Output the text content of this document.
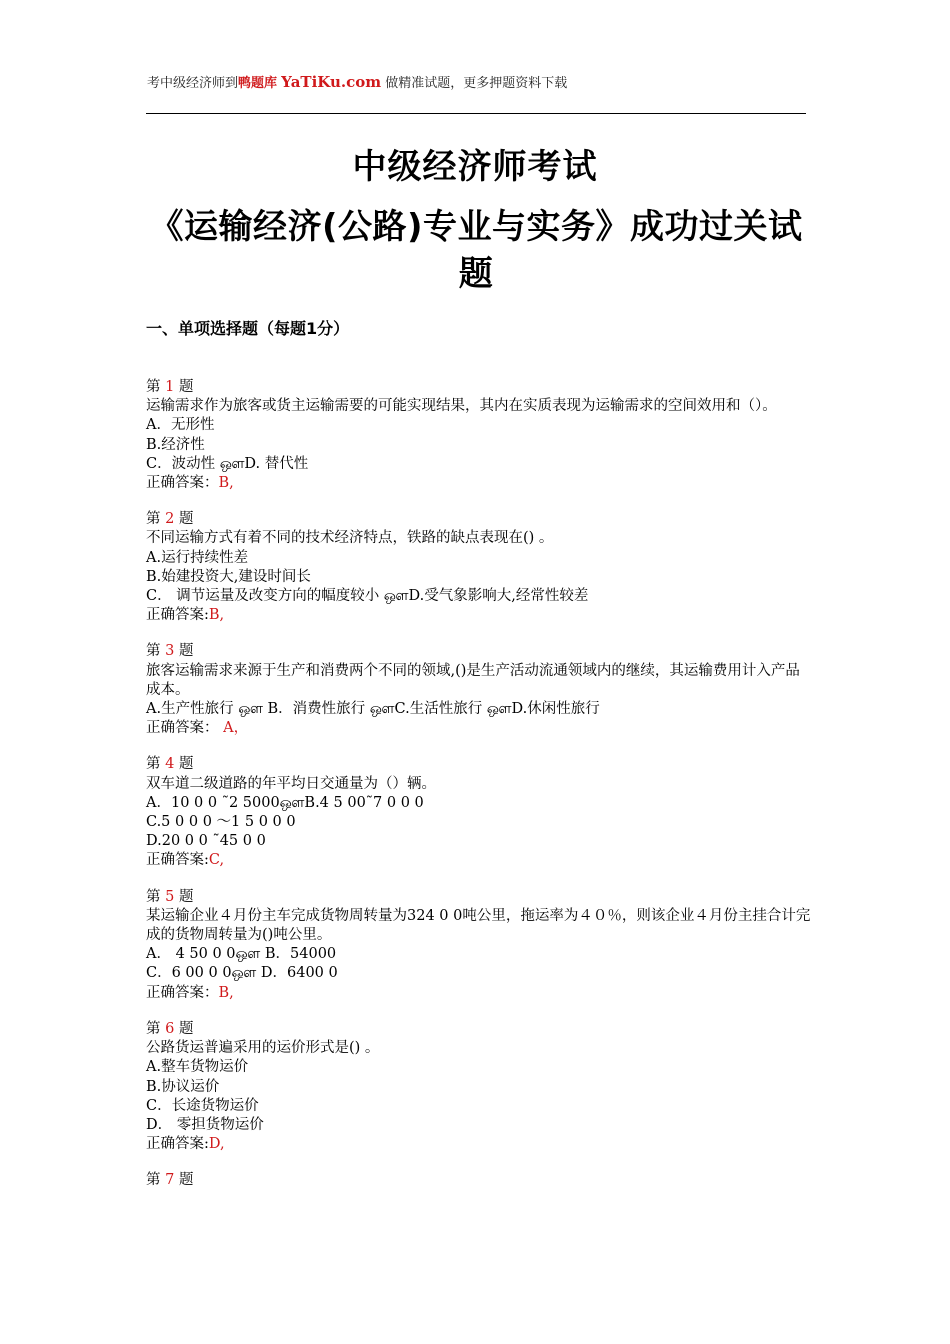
考中级经济师到鸭题库 YaTiKu.com 做精准试题，更多押题资料下载
中级经济师考试
《运输经济(公路)专业与实务》成功过关试题
一、单项选择题（每题1分）
第 1 题
运输需求作为旅客或货主运输需要的可能实现结果，其内在实质表现为运输需求的空间效用和（）。
A．无形性
B.经济性
C．波动性 ஔD. 替代性
正确答案：B,
第 2 题
不同运输方式有着不同的技术经济特点，铁路的缺点表现在() 。
A.运行持续性差
B.始建投资大,建设时间长
C． 调节运量及改变方向的幅度较小 ஔD.受气象影响大,经常性较差
正确答案:B,
第 3 题
旅客运输需求来源于生产和消费两个不同的领域,()是生产活动流通领域内的继续，其运输费用计入产品成本。
A.生产性旅行 ஔ B．消费性旅行 ஔC.生活性旅行 ஔD.休闲性旅行
正确答案： A，
第 4 题
双车道二级道路的年平均日交通量为（）辆。
A．10 0 0 ˜2 5000ஔB.4 5 00˜7 0 0 0
C.5 0 0 0 ～1 5 0 0 0
D.20 0 0 ˜45 0 0
正确答案:C,
第 5 题
某运输企业４月份主车完成货物周转量为324 0 0吨公里，拖运率为４０％，则该企业４月份主挂合计完成的货物周转量为()吨公里。
A． 4 50 0 0ஔ B．54000
C．6 00 0 0ஔ D．6400 0
正确答案：B,
第 6 题
公路货运普遍采用的运价形式是() 。
A.整车货物运价
B.协议运价
C．长途货物运价
D． 零担货物运价
正确答案:D,
第 7 题
